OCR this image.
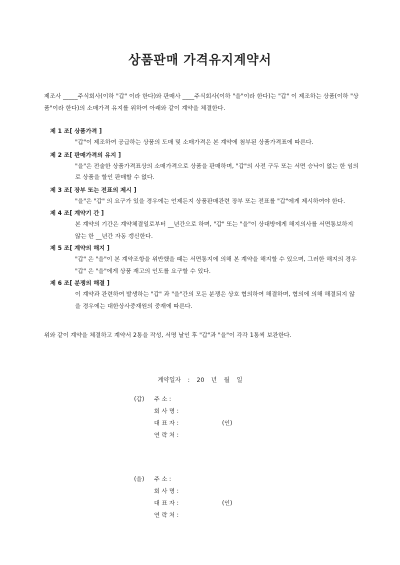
상품판매 가격유지계약서
제조사 _____주식회사(이하 "갑" 이라 한다)와 판매사 ____주식회사(이하 "을"이라 한다)는 "갑" 이 제조하는 상품(이하 "상품"이라 한다)의 소매가격 유지를 위하여 아래와 같이 계약을 체결한다.
제 1 조[ 상품가격 ]
"갑"이 제조하여 공급하는 상품의 도매 및 소매가격은 본 계약에 첨부된 상품가격표에 따른다.
제 2 조[ 판매가격의 유지 ]
"을"은 전술한 상품가격표상의 소매가격으로 상품을 판매하며, "갑"의 사전 구두 또는 서면 승낙이 없는 한 임의로 상품을 할인 판매할 수 없다.
제 3 조[ 장부 또는 전표의 제시 ]
"을"은 "갑" 의 요구가 있을 경우에는 언제든지 상품판매관련 장부 또는 전표를 "갑"에게 제시하여야 한다.
제 4 조[ 계약기 간 ]
본 계약의 기간은 계약체결일로부터 __년간으로 하며, "갑" 또는 "을"이 상대방에게 해지의사를 서면통보하지 않는 한 __년간 자동 갱신한다.
제 5 조[ 계약의 해지 ]
"갑" 은 "을"이 본 계약조항을 위반했을 때는 서면통지에 의해 본 계약을 해지할 수 있으며, 그러한 해지의 경우 "갑" 은 "을"에게 상품 재고의 인도를 요구할 수 있다.
제 6 조[ 분쟁의 해결 ]
이 계약과 관련하여 발생하는 "갑" 과 "을"간의 모든 분쟁은 상호 협의하여 해결하며, 협의에 의해 해결되지 않을 경우에는 대한상사중재원의 중재에 따른다.
위와 같이 계약을 체결하고 계약서 2통을 작성, 서명 날인 후 "갑"과 "을"이 각각 1통씩 보관한다.
계약일자 : 20 년 월 일
(갑)	주 소 :
회 사 명 :
대 표 자 :	(인)
연 락 처 :
(을)	주 소 :
회 사 명 :
대 표 자 :	(인)
연 락 처 :
